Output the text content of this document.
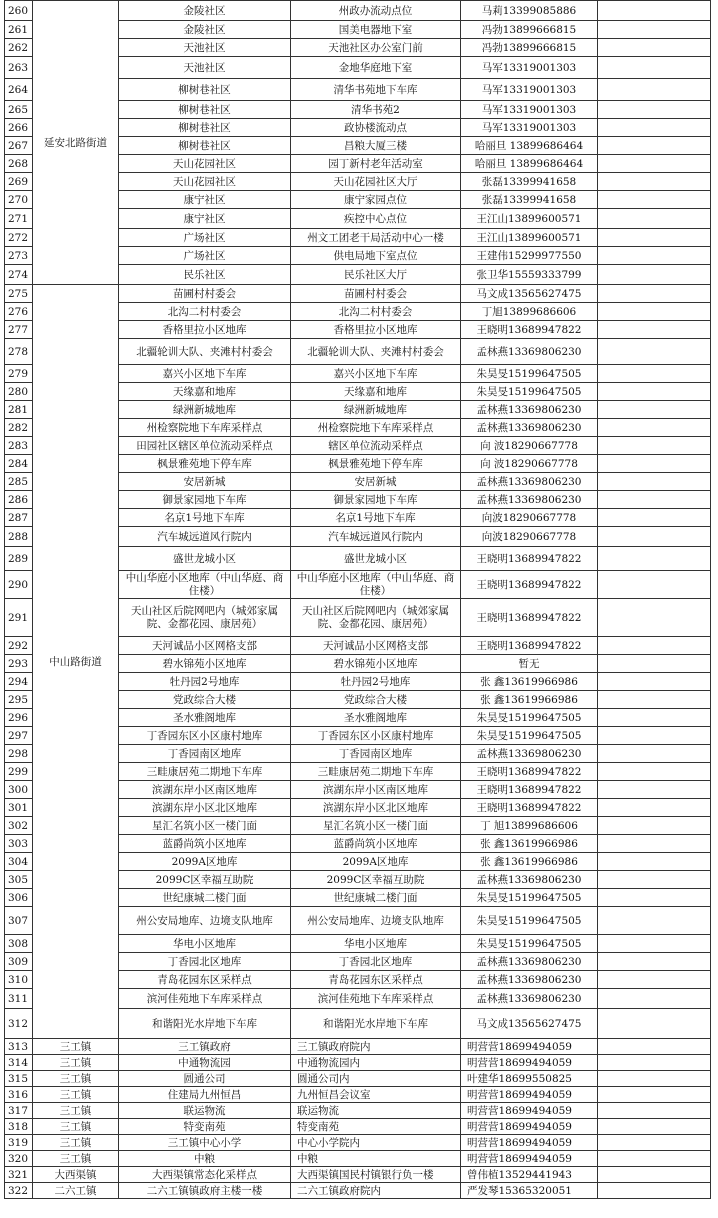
260	延安北路街道	金陵社区	州政办流动点位	马莉13399085886	
261		金陵社区	国美电器地下室	冯勃13899666815	
262		天池社区	天池社区办公室门前	冯勃13899666815	
263		天池社区	金地华庭地下室	马军13319001303	
264		柳树巷社区	清华书苑地下车库	马军13319001303	
265		柳树巷社区	清华书苑2	马军13319001303	
266		柳树巷社区	政协楼流动点	马军13319001303	
267		柳树巷社区	昌粮大厦三楼	哈丽旦 13899686464	
268		天山花园社区	园丁新村老年活动室	哈丽旦 13899686464	
269		天山花园社区	天山花园社区大厅	张磊13399941658	
270		康宁社区	康宁家园点位	张磊13399941658	
271		康宁社区	疾控中心点位	王江山13899600571	
272		广场社区	州文工团老干局活动中心一楼	王江山13899600571	
273		广场社区	供电局地下室点位	王建伟15299977550	
274		民乐社区	民乐社区大厅	张卫华15559333799	
275	中山路街道	苗圃村村委会	苗圃村村委会	马文成13565627475	
276		北沟二村村委会	北沟二村村委会	丁旭13899686606	
277		香格里拉小区地库	香格里拉小区地库	王晓明13689947822	
278		北疆轮训大队、夹滩村村委会	北疆轮训大队、夹滩村村委会	孟林燕13369806230	
279		嘉兴小区地下车库	嘉兴小区地下车库	朱昊旻15199647505	
280		天缘嘉和地库	天缘嘉和地库	朱昊旻15199647505	
281		绿洲新城地库	绿洲新城地库	孟林燕13369806230	
282		州检察院地下车库采样点	州检察院地下车库采样点	孟林燕13369806230	
283		田园社区辖区单位流动采样点	辖区单位流动采样点	向 波18290667778	
284		枫景雅苑地下停车库	枫景雅苑地下停车库	向 波18290667778	
285		安居新城	安居新城	孟林燕13369806230	
286		御景家园地下车库	御景家园地下车库	孟林燕13369806230	
287		名京1号地下车库	名京1号地下车库	向波18290667778	
288		汽车城远道风行院内	汽车城远道风行院内	向波18290667778	
289		盛世龙城小区	盛世龙城小区	王晓明13689947822	
290		中山华庭小区地库（中山华庭、商住楼）	中山华庭小区地库（中山华庭、商住楼）	王晓明13689947822	
291		天山社区后院网吧内（城郊家属院、金都花园、康居苑）	天山社区后院网吧内（城郊家属院、金都花园、康居苑）	王晓明13689947822	
292		天河诚品小区网格支部	天河诚品小区网格支部	王晓明13689947822	
293		碧水锦苑小区地库	碧水锦苑小区地库	暂无	
294		牡丹园2号地库	牡丹园2号地库	张 鑫13619966986	
295		党政综合大楼	党政综合大楼	张 鑫13619966986	
296		圣水雅阁地库	圣水雅阁地库	朱昊旻15199647505	
297		丁香园东区小区康村地库	丁香园东区小区康村地库	朱昊旻15199647505	
298		丁香园南区地库	丁香园南区地库	孟林燕13369806230	
299		三畦康居苑二期地下车库	三畦康居苑二期地下车库	王晓明13689947822	
300		滨湖东岸小区南区地库	滨湖东岸小区南区地库	王晓明13689947822	
301		滨湖东岸小区北区地库	滨湖东岸小区北区地库	王晓明13689947822	
302		星汇名筑小区一楼门面	星汇名筑小区一楼门面	丁 旭13899686606	
303		蓝爵尚筑小区地库	蓝爵尚筑小区地库	张 鑫13619966986	
304		2099A区地库	2099A区地库	张 鑫13619966986	
305		2099C区幸福互助院	2099C区幸福互助院	孟林燕13369806230	
306		世纪康城二楼门面	世纪康城二楼门面	朱昊旻15199647505	
307		州公安局地库、边境支队地库	州公安局地库、边境支队地库	朱昊旻15199647505	
308		华电小区地库	华电小区地库	朱昊旻15199647505	
309		丁香园北区地库	丁香园北区地库	孟林燕13369806230	
310		青岛花园东区采样点	青岛花园东区采样点	孟林燕13369806230	
311		滨河佳苑地下车库采样点	滨河佳苑地下车库采样点	孟林燕13369806230	
312		和谐阳光水岸地下车库	和谐阳光水岸地下车库	马文成13565627475	
313	三工镇	三工镇政府	三工镇政府院内	明营营18699494059	
314	三工镇	中通物流园	中通物流园内	明营营18699494059	
315	三工镇	圆通公司	圆通公司内	叶建华18699550825	
316	三工镇	住建局九州恒昌	九州恒昌会议室	明营营18699494059	
317	三工镇	联运物流	联运物流	明营营18699494059	
318	三工镇	特变南苑	特变南苑	明营营18699494059	
319	三工镇	三工镇中心小学	中心小学院内	明营营18699494059	
320	三工镇	中粮	中粮	明营营18699494059	
321	大西渠镇	大西渠镇常态化采样点	大西渠镇国民村镇银行负一楼	曾伟植13529441943	
322	二六工镇	二六工镇镇政府主楼一楼	二六工镇政府院内	严发琴15365320051	
